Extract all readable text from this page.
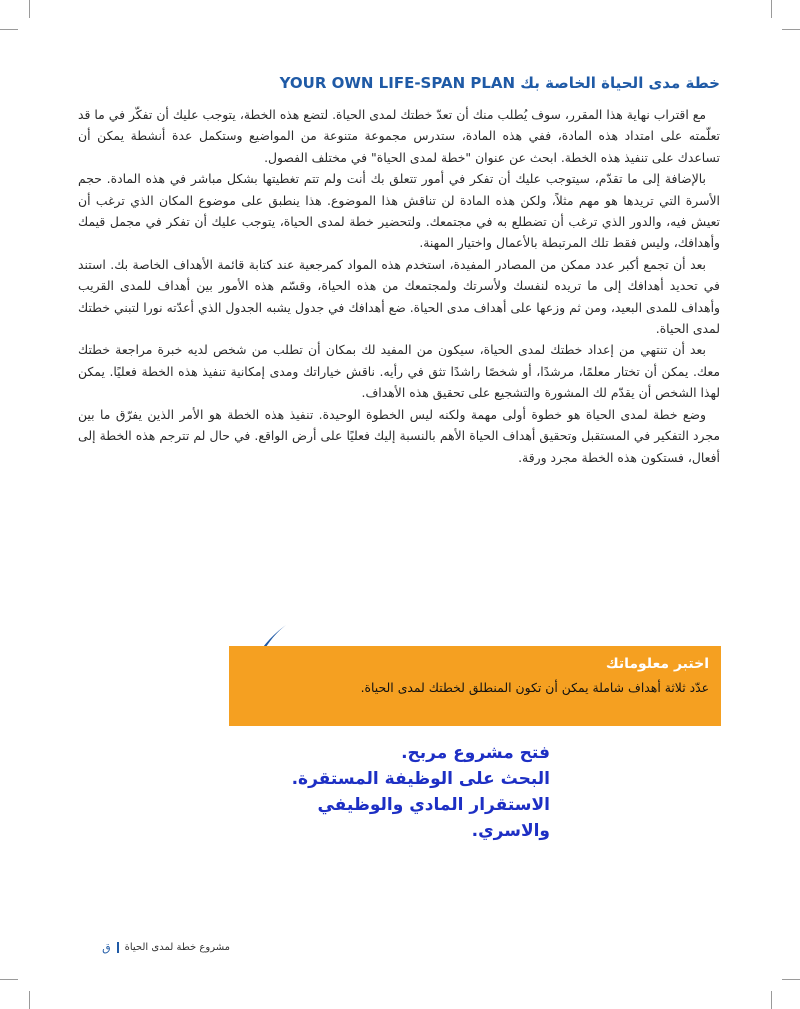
خطة مدى الحياة الخاصة بك YOUR OWN LIFE-SPAN PLAN

مع اقتراب نهاية هذا المقرر، سوف يُطلب منك أن تعدّ خطتك لمدى الحياة. لتضع هذه الخطة، يتوجب عليك أن تفكّر في ما قد تعلّمته على امتداد هذه المادة، ففي هذه المادة، ستدرس مجموعة متنوعة من المواضيع وستكمل عدة أنشطة يمكن أن تساعدك على تنفيذ هذه الخطة. ابحث عن عنوان "خطة لمدى الحياة" في مختلف الفصول.

بالإضافة إلى ما تقدّم، سيتوجب عليك أن تفكر في أمور تتعلق بك أنت ولم تتم تغطيتها بشكل مباشر في هذه المادة. حجم الأسرة التي تريدها هو مهم مثلاً، ولكن هذه المادة لن تناقش هذا الموضوع. هذا ينطبق على موضوع المكان الذي ترغب أن تعيش فيه، والدور الذي ترغب أن تضطلع به في مجتمعك. ولتحضير خطة لمدى الحياة، يتوجب عليك أن تفكر في مجمل قيمك وأهدافك، وليس فقط تلك المرتبطة بالأعمال واختيار المهنة.

بعد أن تجمع أكبر عدد ممكن من المصادر المفيدة، استخدم هذه المواد كمرجعية عند كتابة قائمة الأهداف الخاصة بك. استند في تحديد أهدافك إلى ما تريده لنفسك ولأسرتك ولمجتمعك من هذه الحياة، وقسّم هذه الأمور بين أهداف للمدى القريب وأهداف للمدى البعيد، ومن ثم وزعها على أهداف مدى الحياة. ضع أهدافك في جدول يشبه الجدول الذي أعدّته نورا لتبني خطتك لمدى الحياة.

بعد أن تنتهي من إعداد خطتك لمدى الحياة، سيكون من المفيد لك بمكان أن تطلب من شخص لديه خبرة مراجعة خطتك معك. يمكن أن تختار معلمًا، مرشدًا، أو شخصًا راشدًا تثق في رأيه. ناقش خياراتك ومدى إمكانية تنفيذ هذه الخطة فعليًا. يمكن لهذا الشخص أن يقدّم لك المشورة والتشجيع على تحقيق هذه الأهداف.

وضع خطة لمدى الحياة هو خطوة أولى مهمة ولكنه ليس الخطوة الوحيدة. تنفيذ هذه الخطة هو الأمر الذين يفرّق ما بين مجرد التفكير في المستقبل وتحقيق أهداف الحياة الأهم بالنسبة إليك فعليًا على أرض الواقع. في حال لم تترجم هذه الخطة إلى أفعال، فستكون هذه الخطة مجرد ورقة.

اختبر معلوماتك
عدّد ثلاثة أهداف شاملة يمكن أن تكون المنطلق لخطتك لمدى الحياة.
فتح مشروع مربح.
البحث على الوظيفة المستقرة.
الاستقرار المادي والوظيفي والاسري.
مشروع خطة لمدى الحياة
ق
